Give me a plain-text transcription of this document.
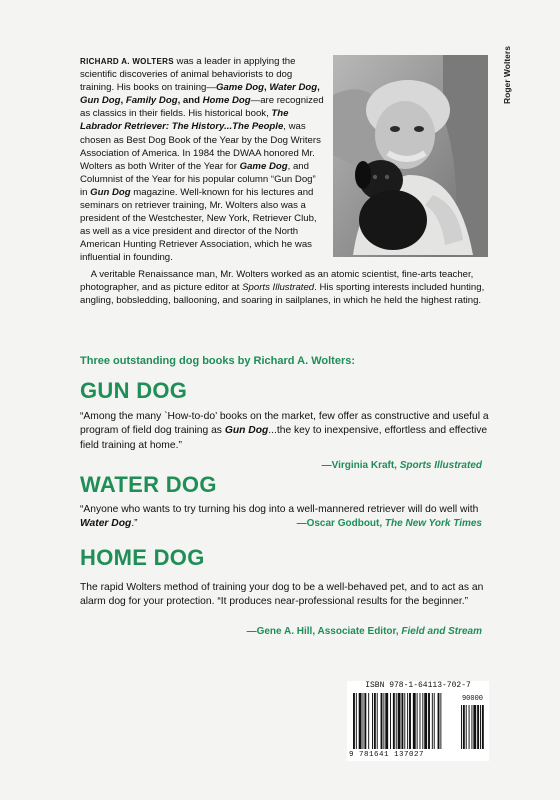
RICHARD A. WOLTERS was a leader in applying the scientific discoveries of animal behaviorists to dog training. His books on training—Game Dog, Water Dog, Gun Dog, Family Dog, and Home Dog—are recognized as classics in their fields. His historical book, The Labrador Retriever: The History...The People, was chosen as Best Dog Book of the Year by the Dog Writers Association of America. In 1984 the DWAA honored Mr. Wolters as both Writer of the Year for Game Dog, and Columnist of the Year for his popular column “Gun Dog” in Gun Dog magazine. Well-known for his lectures and seminars on retriever training, Mr. Wolters also was a president of the Westchester, New York, Retriever Club, as well as a vice president and director of the North American Hunting Retriever Association, which he was influential in founding.
Roger Wolters
A veritable Renaissance man, Mr. Wolters worked as an atomic scientist, fine-arts teacher, photographer, and as picture editor at Sports Illustrated. His sporting interests included hunting, angling, bobsledding, ballooning, and soaring in sailplanes, in which he held the highest rating.
Three outstanding dog books by Richard A. Wolters:
GUN DOG
“Among the many `How-to-do’ books on the market, few offer as constructive and useful a program of field dog training as Gun Dog...the key to inexpensive, effortless and effective field training at home.”
—Virginia Kraft, Sports Illustrated
WATER DOG
“Anyone who wants to try turning his dog into a well-mannered retriever will do well with Water Dog.”	—Oscar Godbout, The New York Times
HOME DOG
The rapid Wolters method of training your dog to be a well-behaved pet, and to act as an alarm dog for your protection. “It produces near-professional results for the beginner.”
—Gene A. Hill, Associate Editor, Field and Stream
ISBN 978-1-64113-702-7
90000
9 781641 137027
